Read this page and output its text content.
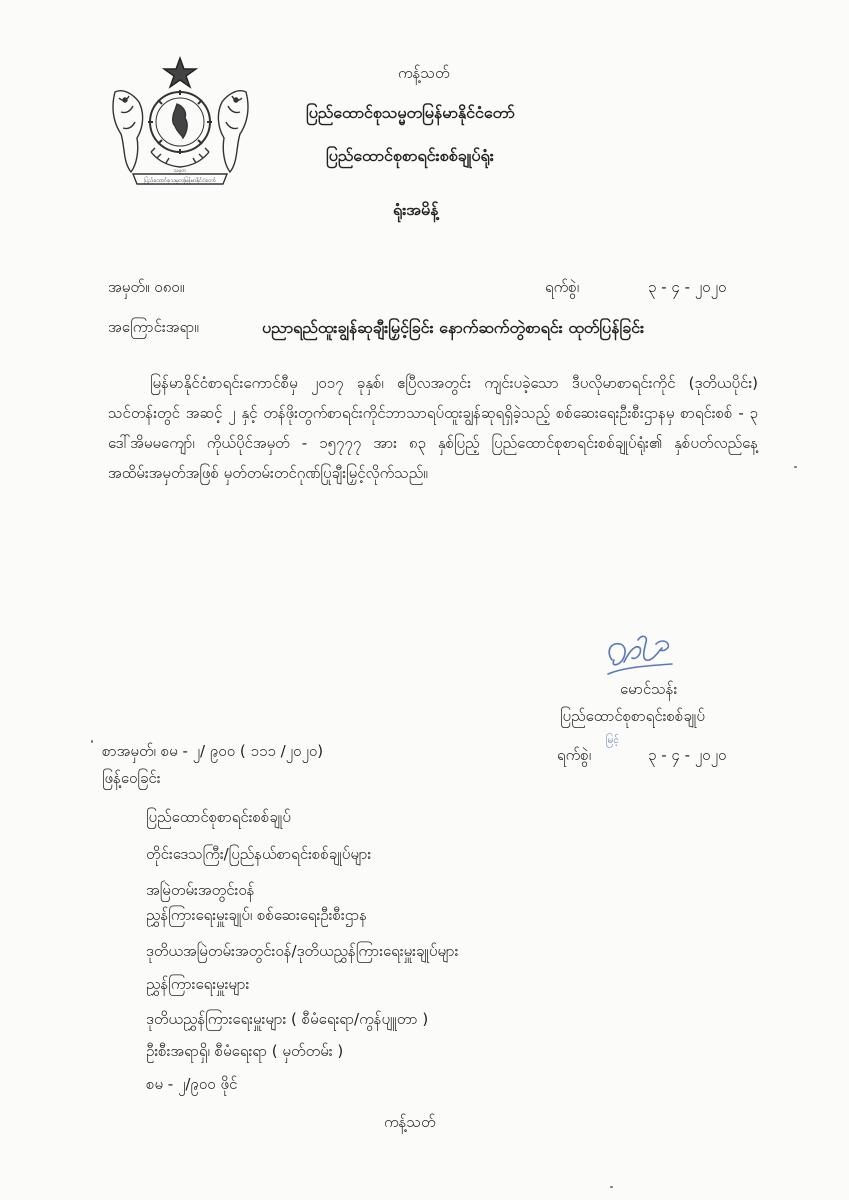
ပြည်ထောင်စုသမ္မတမြန်မာနိုင်ငံတော်
သမ္မတ
ကန့်သတ်
ပြည်ထောင်စုသမ္မတမြန်မာနိုင်ငံတော်
ပြည်ထောင်စုစာရင်းစစ်ချုပ်ရုံး
ရုံးအမိန့်
အမှတ်။ ၀၈၀။	ရက်စွဲ၊	၃ - ၄ - ၂၀၂၀
အကြောင်းအရာ။	ပညာရည်ထူးချွန်ဆုချီးမြှင့်ခြင်း နောက်ဆက်တွဲစာရင်း ထုတ်ပြန်ခြင်း
မြန်မာနိုင်ငံစာရင်းကောင်စီမှ ၂၀၁၇ ခုနှစ်၊ ဧပြီလအတွင်း ကျင်းပခဲ့သော ဒီပလိုမာစာရင်းကိုင် (ဒုတိယပိုင်း) သင်တန်းတွင် အဆင့် ၂ နှင့် တန်ဖိုးတွက်စာရင်းကိုင်ဘာသာရပ်ထူးချွန်ဆုရရှိခဲ့သည့် စစ်ဆေးရေးဦးစီးဌာနမှ စာရင်းစစ် - ၃ ဒေါ်အိမမကျော်၊ ကိုယ်ပိုင်အမှတ် - ၁၅၇၇၇ အား ၈၃ နှစ်ပြည့် ပြည်ထောင်စုစာရင်းစစ်ချုပ်ရုံး၏ နှစ်ပတ်လည်နေ့အထိမ်းအမှတ်အဖြစ် မှတ်တမ်းတင်ဂုဏ်ပြုချီးမြှင့်လိုက်သည်။
မောင်သန်း
ပြည်ထောင်စုစာရင်းစစ်ချုပ်
မြင့်
ရက်စွဲ၊	၃ - ၄ - ၂၀၂၀
စာအမှတ်၊ စမ - ၂/ ၉၀၀ ( ၁၁၁ /၂၀၂၀)
ဖြန့်ဝေခြင်း
ပြည်ထောင်စုစာရင်းစစ်ချုပ်
တိုင်းဒေသကြီး/ပြည်နယ်စာရင်းစစ်ချုပ်များ
အမြဲတမ်းအတွင်းဝန်
ညွှန်ကြားရေးမှူးချုပ်၊ စစ်ဆေးရေးဦးစီးဌာန
ဒုတိယအမြဲတမ်းအတွင်းဝန်/ဒုတိယညွှန်ကြားရေးမှူးချုပ်များ
ညွှန်ကြားရေးမှူးများ
ဒုတိယညွှန်ကြားရေးမှူးများ ( စီမံရေးရာ/ကွန်ပျူတာ )
ဦးစီးအရာရှိ၊ စီမံရေးရာ ( မှတ်တမ်း )
စမ - ၂/၉၀၀ ဖိုင်
ကန့်သတ်
